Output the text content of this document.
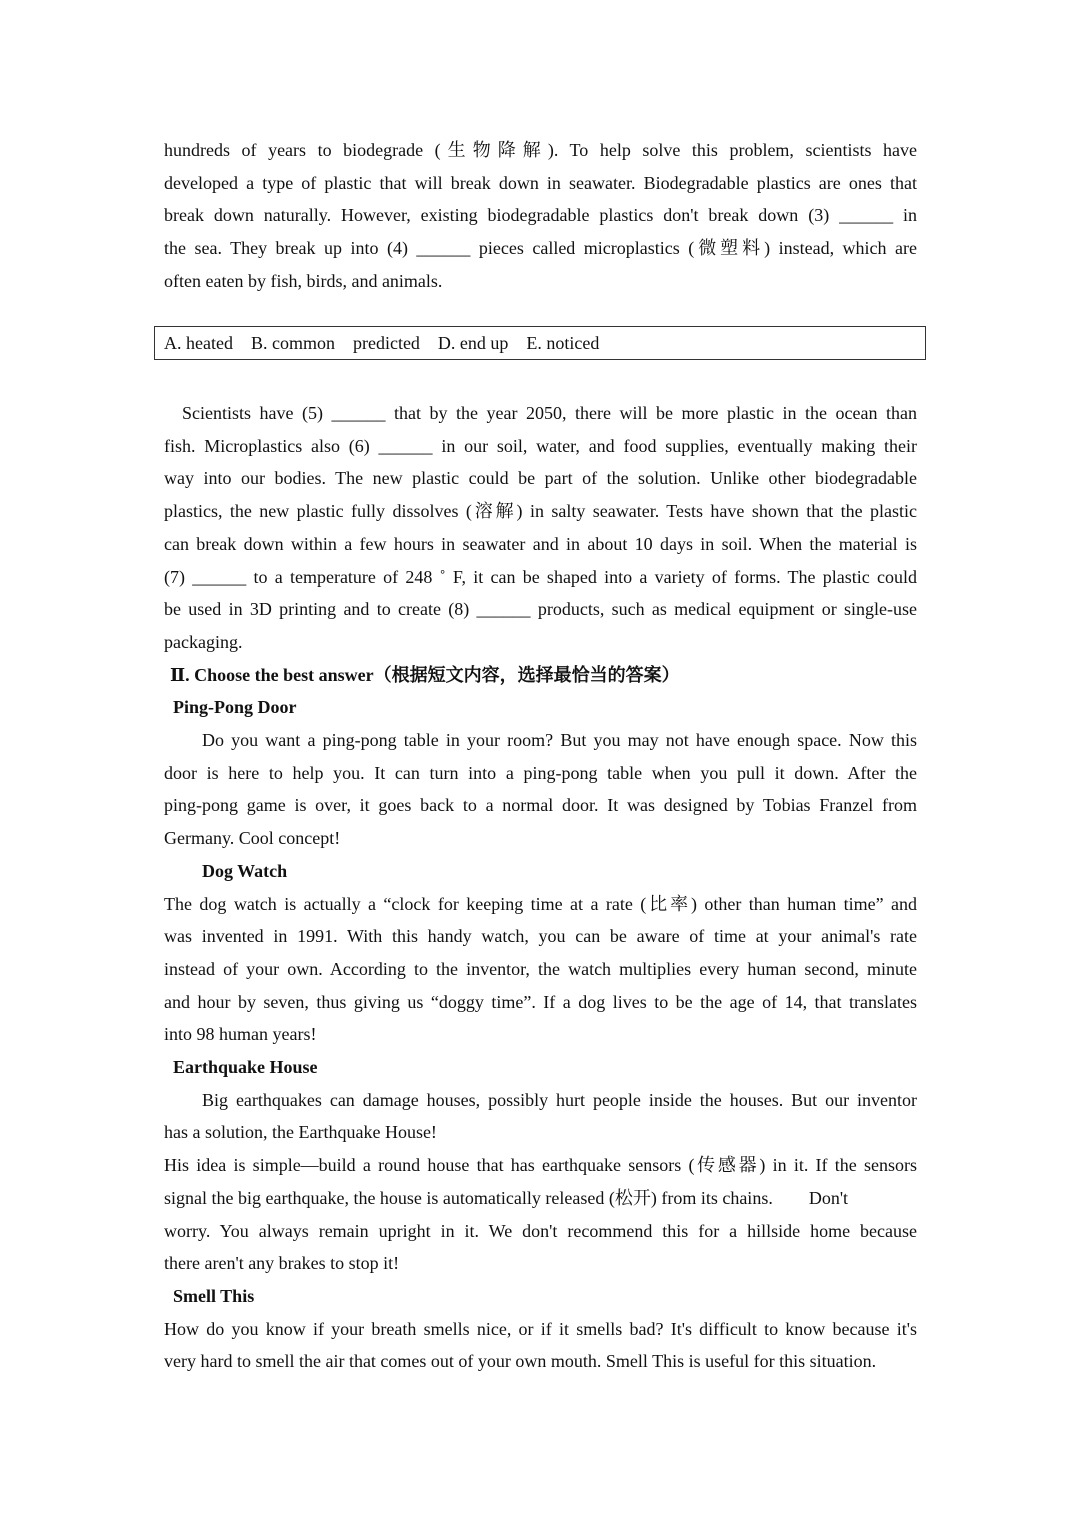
hundreds of years to biodegrade (生物降解). To help solve this problem, scientists have

developed a type of plastic that will break down in seawater. Biodegradable plastics are ones that

break down naturally. However, existing biodegradable plastics don't break down (3) ______ in

the sea. They break up into (4) ______ pieces called microplastics (微塑料) instead, which are

often eaten by fish, birds, and animals.

A. heated    B. common    predicted    D. end up    E. noticed

Scientists have (5) ______ that by the year 2050, there will be more plastic in the ocean than

fish. Microplastics also (6) ______ in our soil, water, and food supplies, eventually making their

way into our bodies. The new plastic could be part of the solution. Unlike other biodegradable

plastics, the new plastic fully dissolves (溶解) in salty seawater. Tests have shown that the plastic

can break down within a few hours in seawater and in about 10 days in soil. When the material is

(7) ______ to a temperature of 248 ˚ F, it can be shaped into a variety of forms. The plastic could

be used in 3D printing and to create (8) ______ products, such as medical equipment or single-use

packaging.

Ⅱ. Choose the best answer（根据短文内容，选择最恰当的答案）

Ping-Pong Door

Do you want a ping-pong table in your room? But you may not have enough space. Now this

door is here to help you. It can turn into a ping-pong table when you pull it down. After the

ping-pong game is over, it goes back to a normal door. It was designed by Tobias Franzel from

Germany. Cool concept!

Dog Watch

The dog watch is actually a “clock for keeping time at a rate (比率) other than human time” and

was invented in 1991. With this handy watch, you can be aware of time at your animal's rate

instead of your own. According to the inventor, the watch multiplies every human second, minute

and hour by seven, thus giving us “doggy time”. If a dog lives to be the age of 14, that translates

into 98 human years!

Earthquake House

Big earthquakes can damage houses, possibly hurt people inside the houses. But our inventor

has a solution, the Earthquake House!

His idea is simple—build a round house that has earthquake sensors (传感器) in it. If the sensors

signal the big earthquake, the house is automatically released (松开) from its chains.        Don't

worry. You always remain upright in it. We don't recommend this for a hillside home because

there aren't any brakes to stop it!

Smell This

How do you know if your breath smells nice, or if it smells bad? It's difficult to know because it's

very hard to smell the air that comes out of your own mouth. Smell This is useful for this situation.
